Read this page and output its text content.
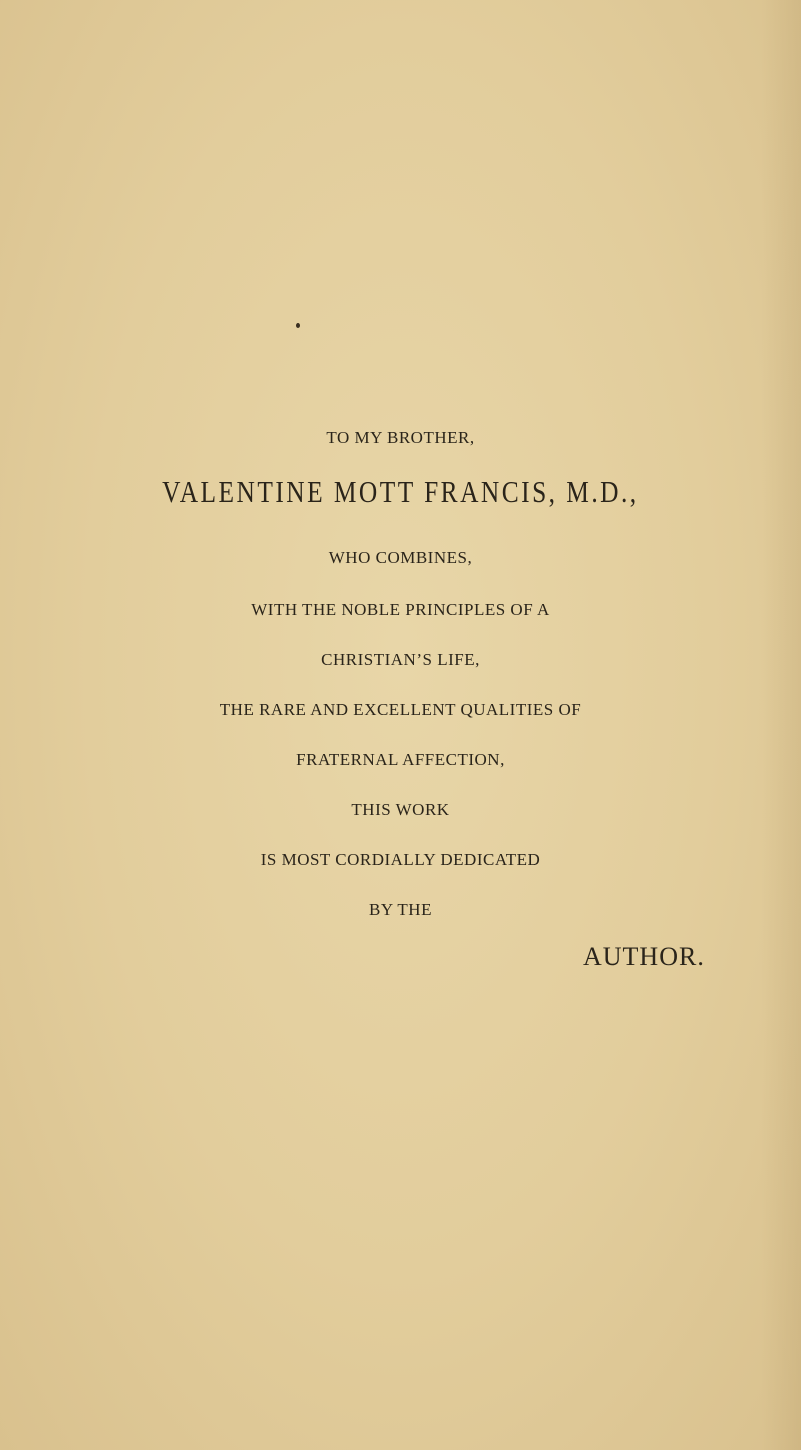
TO MY BROTHER,
VALENTINE MOTT FRANCIS, M.D.,
WHO COMBINES,
WITH THE NOBLE PRINCIPLES OF A
CHRISTIAN’S LIFE,
THE RARE AND EXCELLENT QUALITIES OF
FRATERNAL AFFECTION,
THIS WORK
IS MOST CORDIALLY DEDICATED
BY THE
AUTHOR.
